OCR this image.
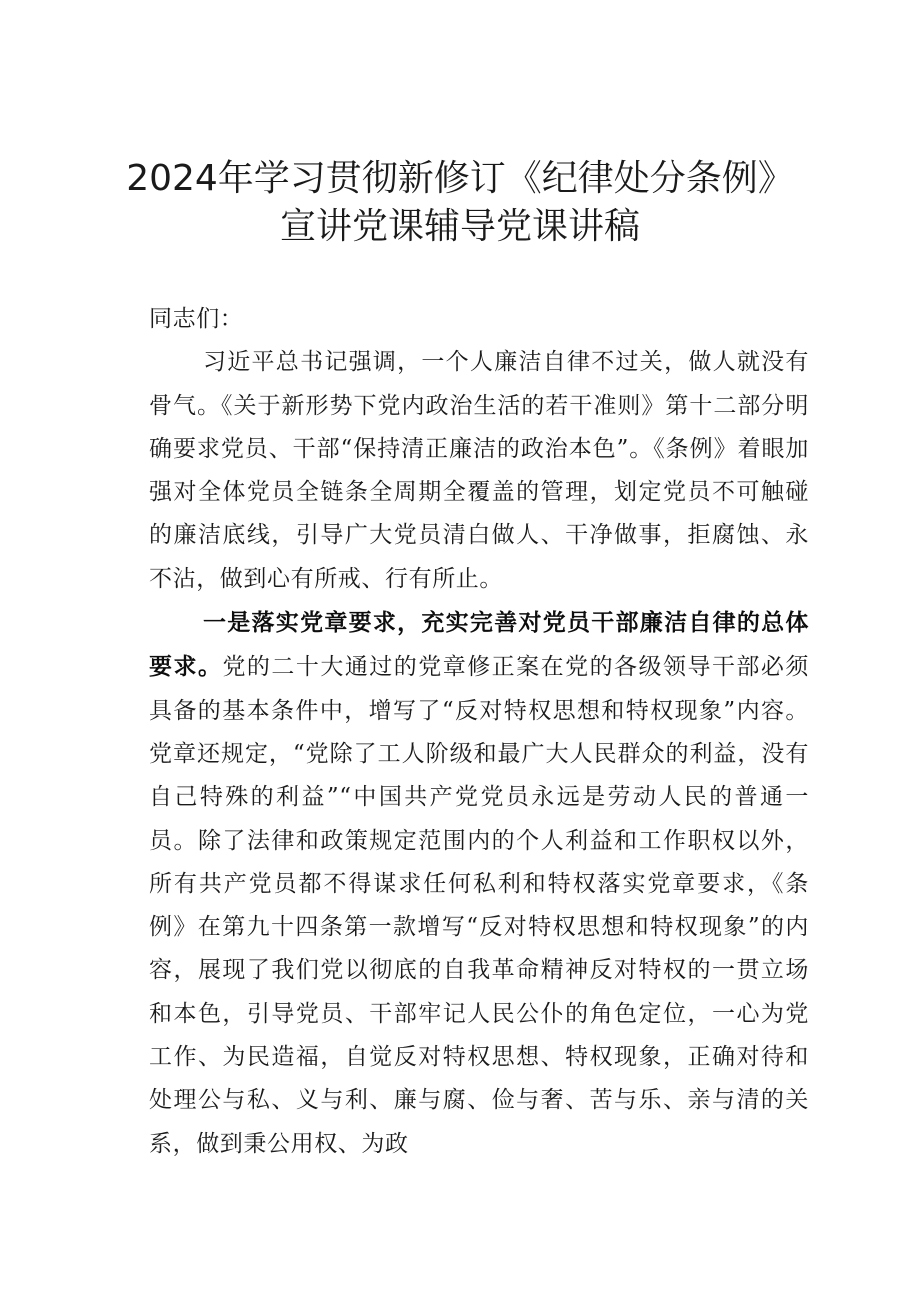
2024年学习贯彻新修订《纪律处分条例》
宣讲党课辅导党课讲稿

同志们：

习近平总书记强调，一个人廉洁自律不过关，做人就没有骨气。《关于新形势下党内政治生活的若干准则》第十二部分明确要求党员、干部“保持清正廉洁的政治本色”。《条例》着眼加强对全体党员全链条全周期全覆盖的管理，划定党员不可触碰的廉洁底线，引导广大党员清白做人、干净做事，拒腐蚀、永不沾，做到心有所戒、行有所止。

一是落实党章要求，充实完善对党员干部廉洁自律的总体要求。党的二十大通过的党章修正案在党的各级领导干部必须具备的基本条件中，增写了“反对特权思想和特权现象”内容。党章还规定，“党除了工人阶级和最广大人民群众的利益，没有自己特殊的利益”“中国共产党党员永远是劳动人民的普通一员。除了法律和政策规定范围内的个人利益和工作职权以外，所有共产党员都不得谋求任何私利和特权落实党章要求，《条例》在第九十四条第一款增写“反对特权思想和特权现象”的内容，展现了我们党以彻底的自我革命精神反对特权的一贯立场和本色，引导党员、干部牢记人民公仆的角色定位，一心为党工作、为民造福，自觉反对特权思想、特权现象，正确对待和处理公与私、义与利、廉与腐、俭与奢、苦与乐、亲与清的关系，做到秉公用权、为政
